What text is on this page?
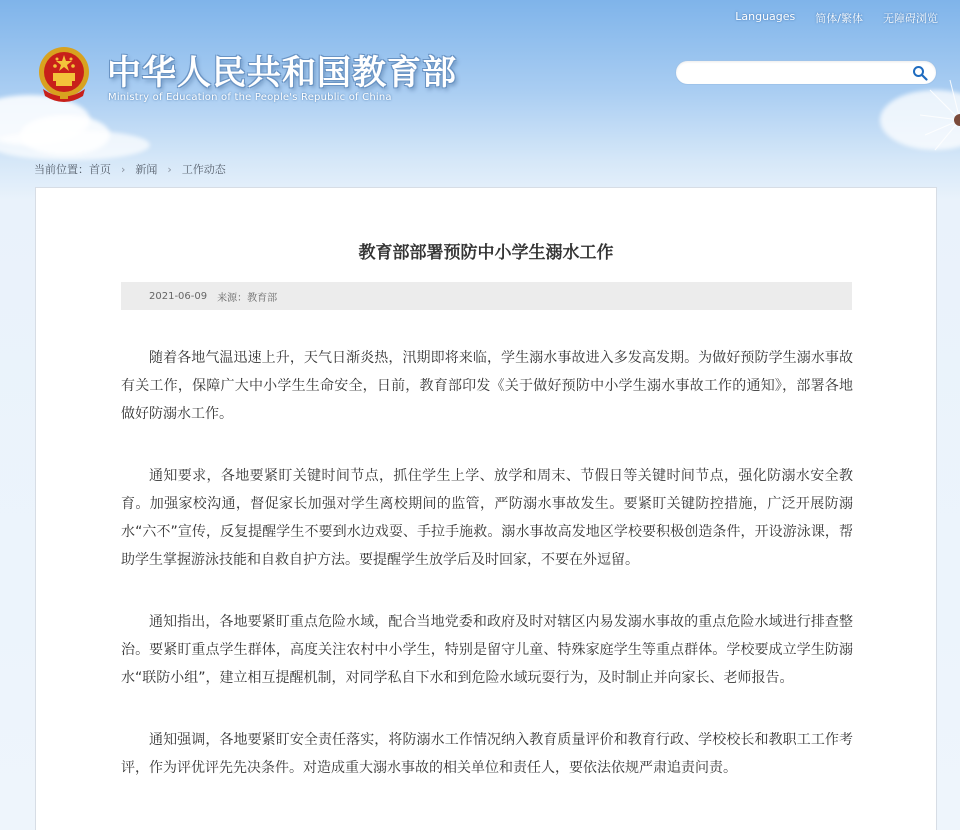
Languages 简体/繁体 无障碍浏览
中华人民共和国教育部
Ministry of Education of the People's Republic of China
当前位置：首页 › 新闻 › 工作动态
教育部部署预防中小学生溺水工作
2021-06-09 来源：教育部

随着各地气温迅速上升，天气日渐炎热，汛期即将来临，学生溺水事故进入多发高发期。为做好预防学生溺水事故有关工作，保障广大中小学生生命安全，日前，教育部印发《关于做好预防中小学生溺水事故工作的通知》，部署各地做好防溺水工作。

通知要求，各地要紧盯关键时间节点，抓住学生上学、放学和周末、节假日等关键时间节点，强化防溺水安全教育。加强家校沟通，督促家长加强对学生离校期间的监管，严防溺水事故发生。要紧盯关键防控措施，广泛开展防溺水“六不”宣传，反复提醒学生不要到水边戏耍、手拉手施救。溺水事故高发地区学校要积极创造条件，开设游泳课，帮助学生掌握游泳技能和自救自护方法。要提醒学生放学后及时回家，不要在外逗留。

通知指出，各地要紧盯重点危险水域，配合当地党委和政府及时对辖区内易发溺水事故的重点危险水域进行排查整治。要紧盯重点学生群体，高度关注农村中小学生，特别是留守儿童、特殊家庭学生等重点群体。学校要成立学生防溺水“联防小组”，建立相互提醒机制，对同学私自下水和到危险水域玩耍行为，及时制止并向家长、老师报告。

通知强调，各地要紧盯安全责任落实，将防溺水工作情况纳入教育质量评价和教育行政、学校校长和教职工工作考评，作为评优评先先决条件。对造成重大溺水事故的相关单位和责任人，要依法依规严肃追责问责。
